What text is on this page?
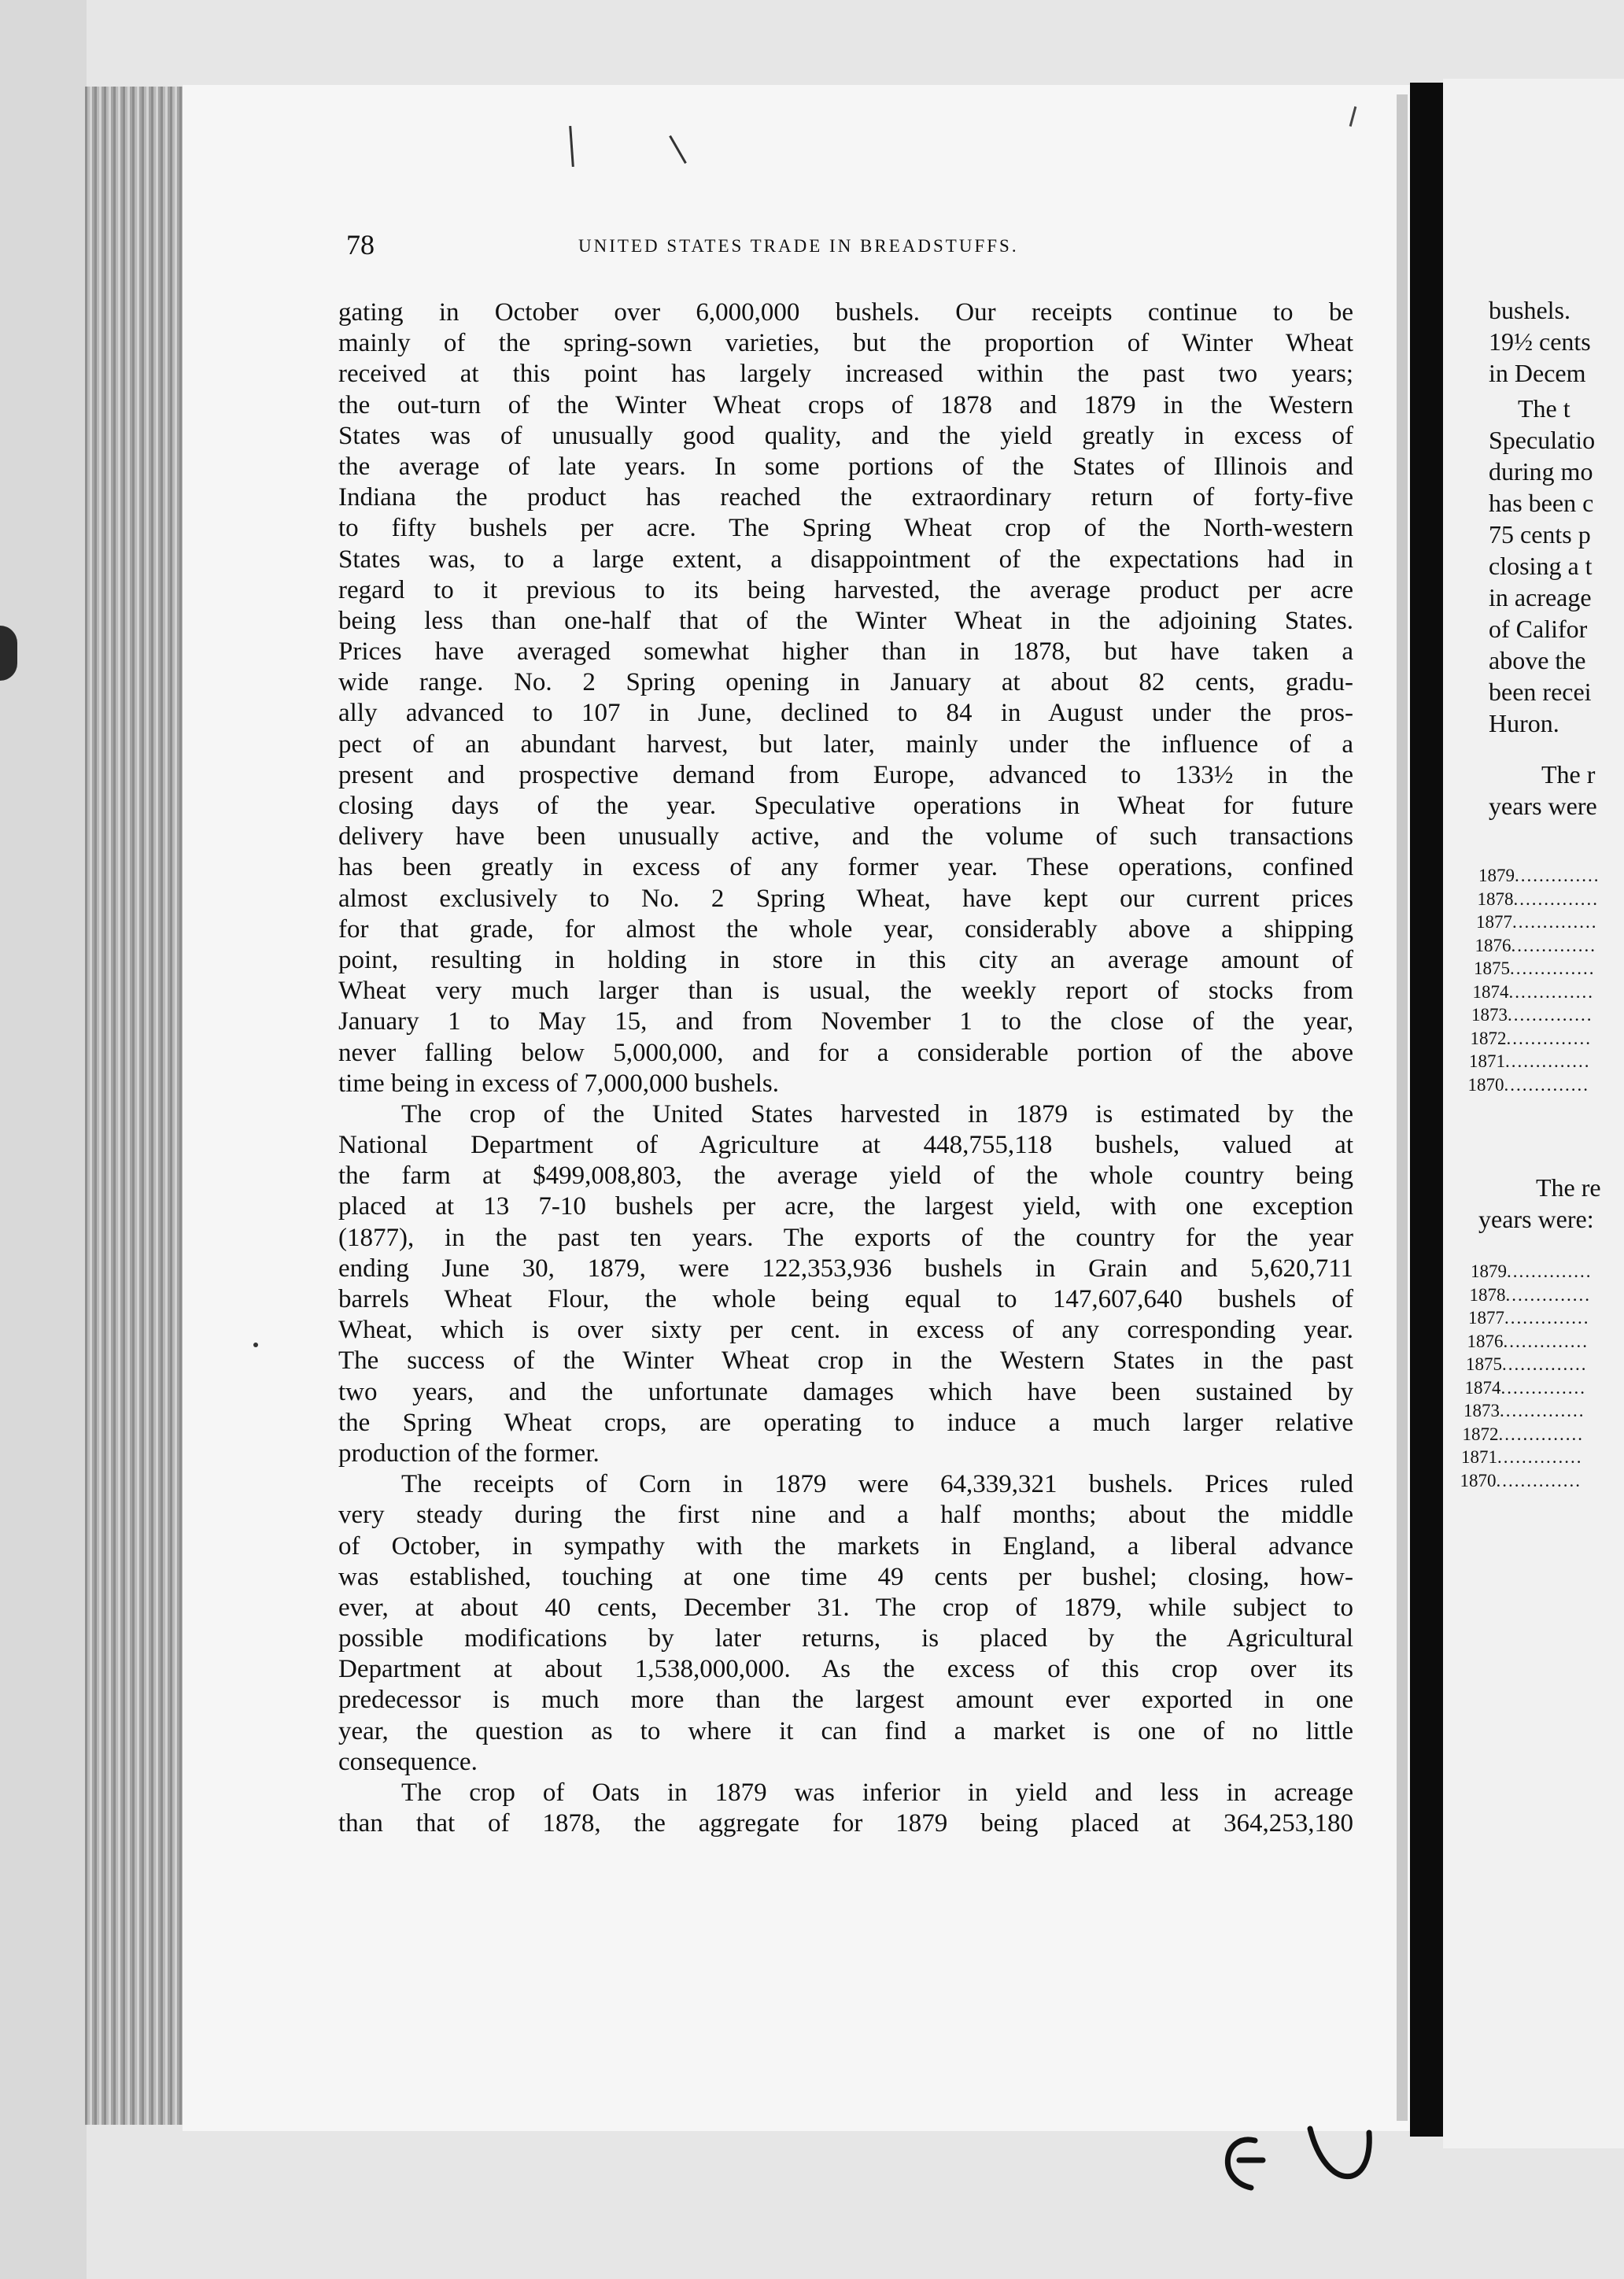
78	UNITED STATES TRADE IN BREADSTUFFS.
gating in October over 6,000,000 bushels. Our receipts continue to be
mainly of the spring-sown varieties, but the proportion of Winter Wheat
received at this point has largely increased within the past two years;
the out-turn of the Winter Wheat crops of 1878 and 1879 in the Western
States was of unusually good quality, and the yield greatly in excess of
the average of late years. In some portions of the States of Illinois and
Indiana the product has reached the extraordinary return of forty-five
to fifty bushels per acre. The Spring Wheat crop of the North-western
States was, to a large extent, a disappointment of the expectations had in
regard to it previous to its being harvested, the average product per acre
being less than one-half that of the Winter Wheat in the adjoining States.
Prices have averaged somewhat higher than in 1878, but have taken a
wide range. No. 2 Spring opening in January at about 82 cents, gradu-
ally advanced to 107 in June, declined to 84 in August under the pros-
pect of an abundant harvest, but later, mainly under the influence of a
present and prospective demand from Europe, advanced to 133½ in the
closing days of the year. Speculative operations in Wheat for future
delivery have been unusually active, and the volume of such transactions
has been greatly in excess of any former year. These operations, confined
almost exclusively to No. 2 Spring Wheat, have kept our current prices
for that grade, for almost the whole year, considerably above a shipping
point, resulting in holding in store in this city an average amount of
Wheat very much larger than is usual, the weekly report of stocks from
January 1 to May 15, and from November 1 to the close of the year,
never falling below 5,000,000, and for a considerable portion of the above
time being in excess of 7,000,000 bushels.
The crop of the United States harvested in 1879 is estimated by the
National Department of Agriculture at 448,755,118 bushels, valued at
the farm at $499,008,803, the average yield of the whole country being
placed at 13 7-10 bushels per acre, the largest yield, with one exception
(1877), in the past ten years. The exports of the country for the year
ending June 30, 1879, were 122,353,936 bushels in Grain and 5,620,711
barrels Wheat Flour, the whole being equal to 147,607,640 bushels of
Wheat, which is over sixty per cent. in excess of any corresponding year.
The success of the Winter Wheat crop in the Western States in the past
two years, and the unfortunate damages which have been sustained by
the Spring Wheat crops, are operating to induce a much larger relative
production of the former.
The receipts of Corn in 1879 were 64,339,321 bushels. Prices ruled
very steady during the first nine and a half months; about the middle
of October, in sympathy with the markets in England, a liberal advance
was established, touching at one time 49 cents per bushel; closing, how-
ever, at about 40 cents, December 31. The crop of 1879, while subject to
possible modifications by later returns, is placed by the Agricultural
Department at about 1,538,000,000. As the excess of this crop over its
predecessor is much more than the largest amount ever exported in one
year, the question as to where it can find a market is one of no little
consequence.
The crop of Oats in 1879 was inferior in yield and less in acreage
than that of 1878, the aggregate for 1879 being placed at 364,253,180
bushels.
19½ cents
in Decem
The t
Speculatio
during mo
has been c
75 cents p
closing a t
in acreage
of Califor
above the
been recei
Huron.
The r
years were
1879..............
1878..............
1877..............
1876..............
1875..............
1874..............
1873..............
1872..............
1871..............
1870..............
The re
years were:
1879..............
1878..............
1877..............
1876..............
1875..............
1874..............
1873..............
1872..............
1871..............
1870..............
